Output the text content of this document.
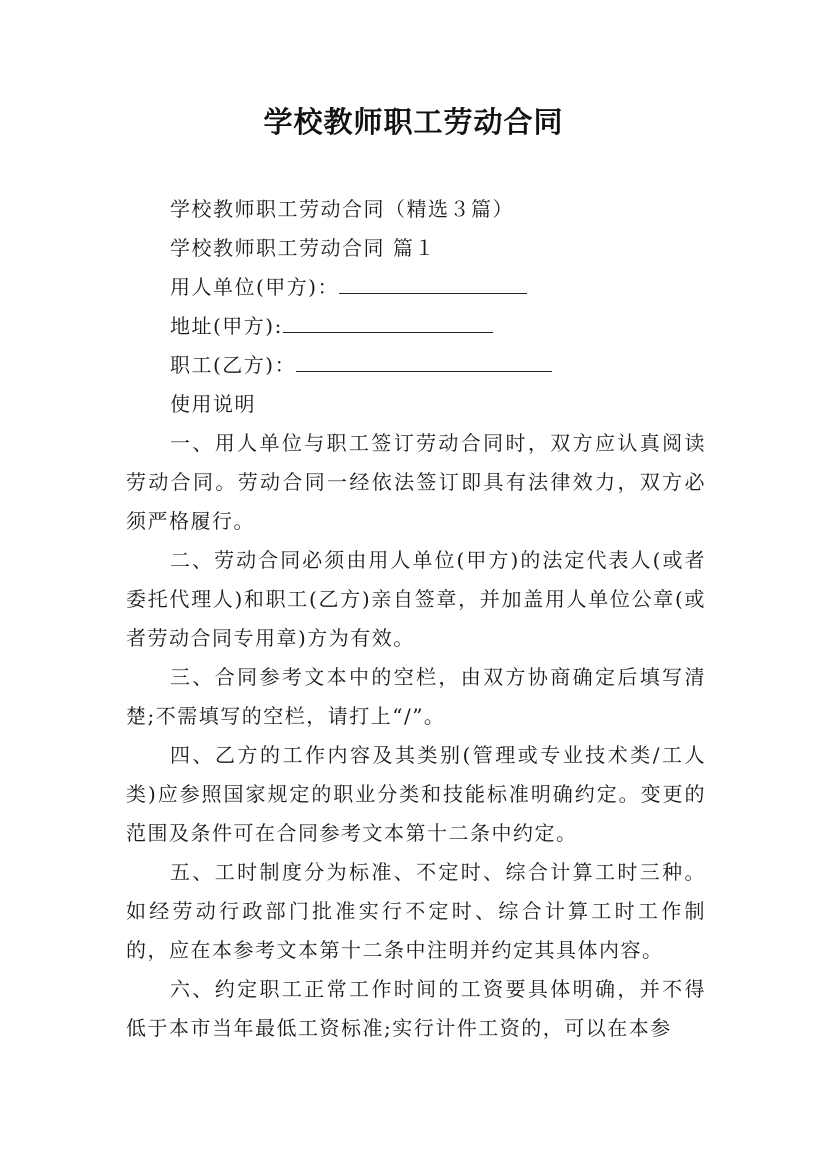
学校教师职工劳动合同
学校教师职工劳动合同（精选３篇）
学校教师职工劳动合同 篇１
用人单位(甲方)：
地址(甲方):
职工(乙方)：
使用说明

一、用人单位与职工签订劳动合同时，双方应认真阅读劳动合同。劳动合同一经依法签订即具有法律效力，双方必须严格履行。

二、劳动合同必须由用人单位(甲方)的法定代表人(或者委托代理人)和职工(乙方)亲自签章，并加盖用人单位公章(或者劳动合同专用章)方为有效。

三、合同参考文本中的空栏，由双方协商确定后填写清楚;不需填写的空栏，请打上“/”。

四、乙方的工作内容及其类别(管理或专业技术类/工人类)应参照国家规定的职业分类和技能标准明确约定。变更的范围及条件可在合同参考文本第十二条中约定。

五、工时制度分为标准、不定时、综合计算工时三种。如经劳动行政部门批准实行不定时、综合计算工时工作制的，应在本参考文本第十二条中注明并约定其具体内容。

六、约定职工正常工作时间的工资要具体明确，并不得低于本市当年最低工资标准;实行计件工资的，可以在本参
